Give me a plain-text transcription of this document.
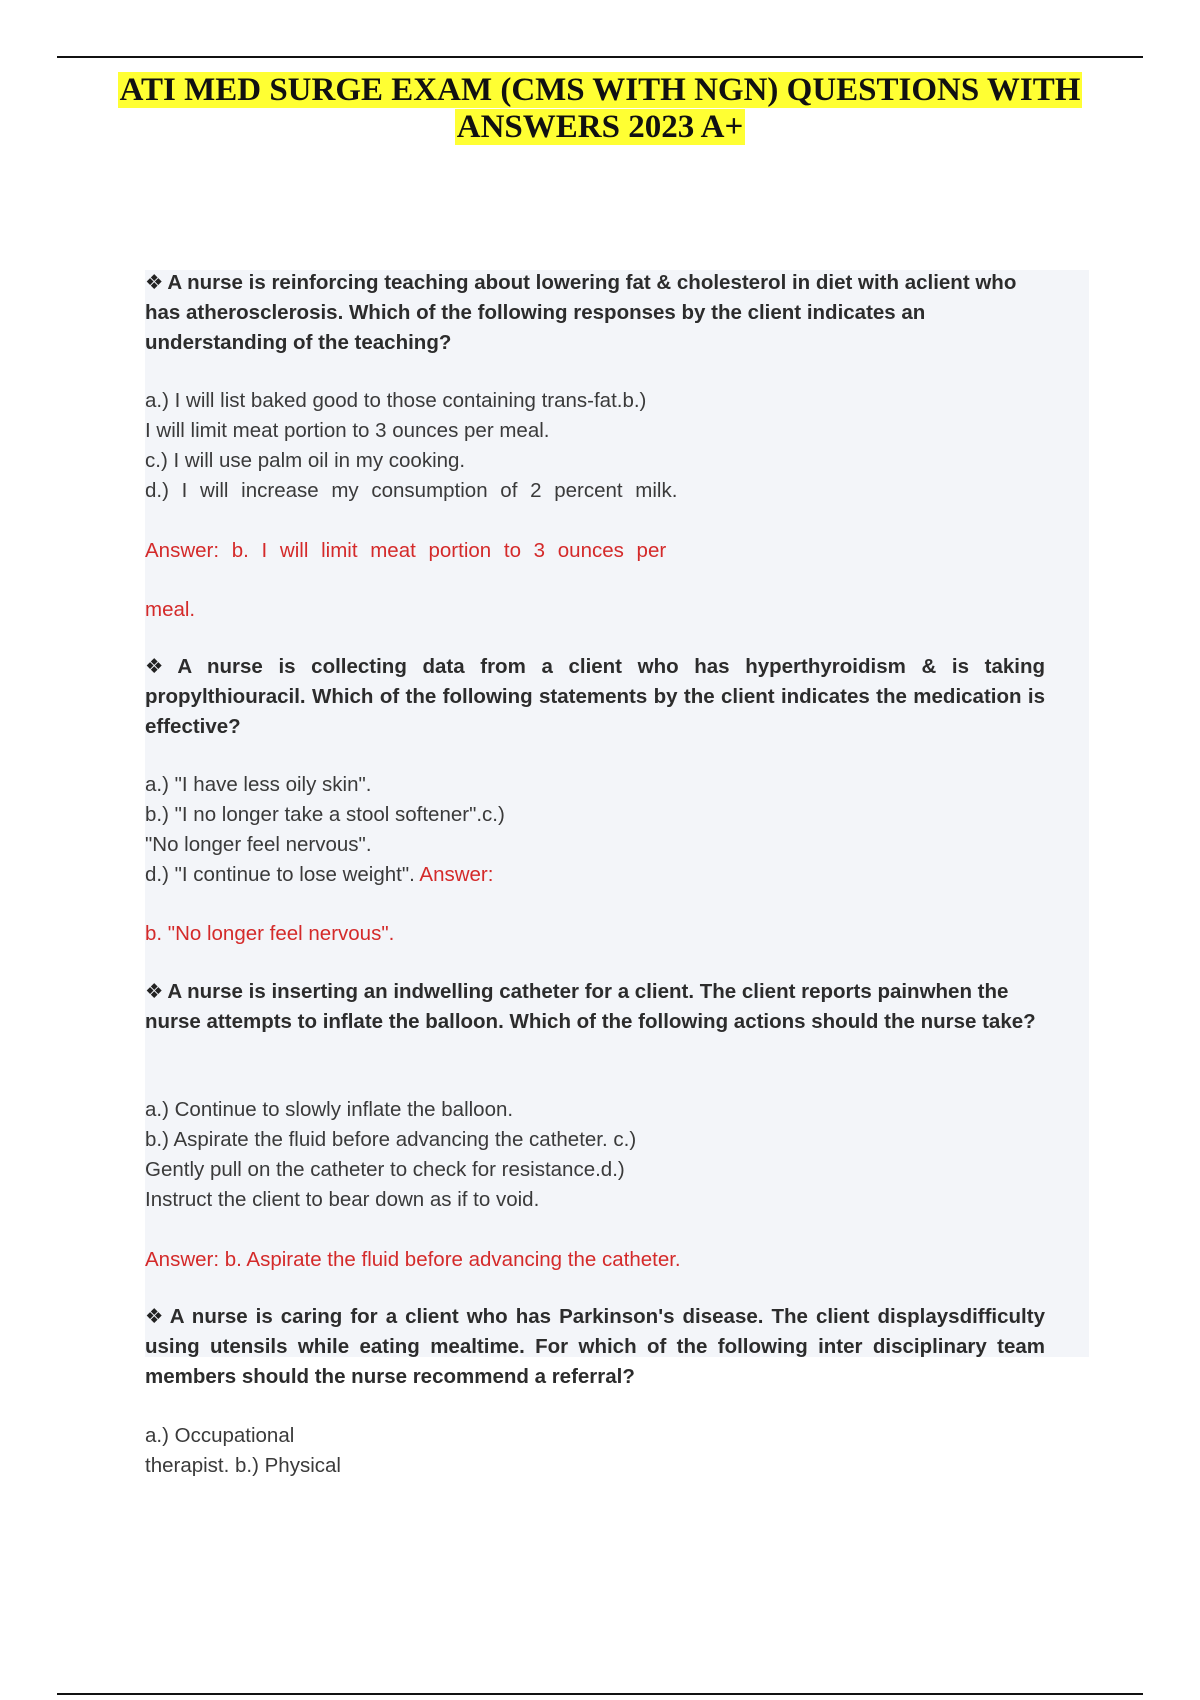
ATI MED SURGE EXAM (CMS WITH NGN) QUESTIONS WITH
ANSWERS 2023 A+

❖ A nurse is reinforcing teaching about lowering fat & cholesterol in diet with aclient who has atherosclerosis. Which of the following responses by the client indicates an understanding of the teaching?

a.) I will list baked good to those containing trans-fat.b.)

I will limit meat portion to 3 ounces per meal.

c.) I will use palm oil in my cooking.

d.) I will increase my consumption of 2 percent milk.

Answer: b. I will limit meat portion to 3 ounces per
meal.

❖ A nurse is collecting data from a client who has hyperthyroidism & is taking propylthiouracil. Which of the following statements by the client indicates the medication is effective?

a.) "I have less oily skin".

b.) "I no longer take a stool softener".c.)

"No longer feel nervous".

d.) "I continue to lose weight". Answer:

b. "No longer feel nervous".

❖ A nurse is inserting an indwelling catheter for a client. The client reports painwhen the nurse attempts to inflate the balloon. Which of the following actions should the nurse take?

a.) Continue to slowly inflate the balloon.

b.) Aspirate the fluid before advancing the catheter. c.)

Gently pull on the catheter to check for resistance.d.)

Instruct the client to bear down as if to void.

Answer: b. Aspirate the fluid before advancing the catheter.

❖ A nurse is caring for a client who has Parkinson's disease. The client displaysdifficulty using utensils while eating mealtime. For which of the following inter disciplinary team members should the nurse recommend a referral?

a.) Occupational

therapist. b.) Physical
